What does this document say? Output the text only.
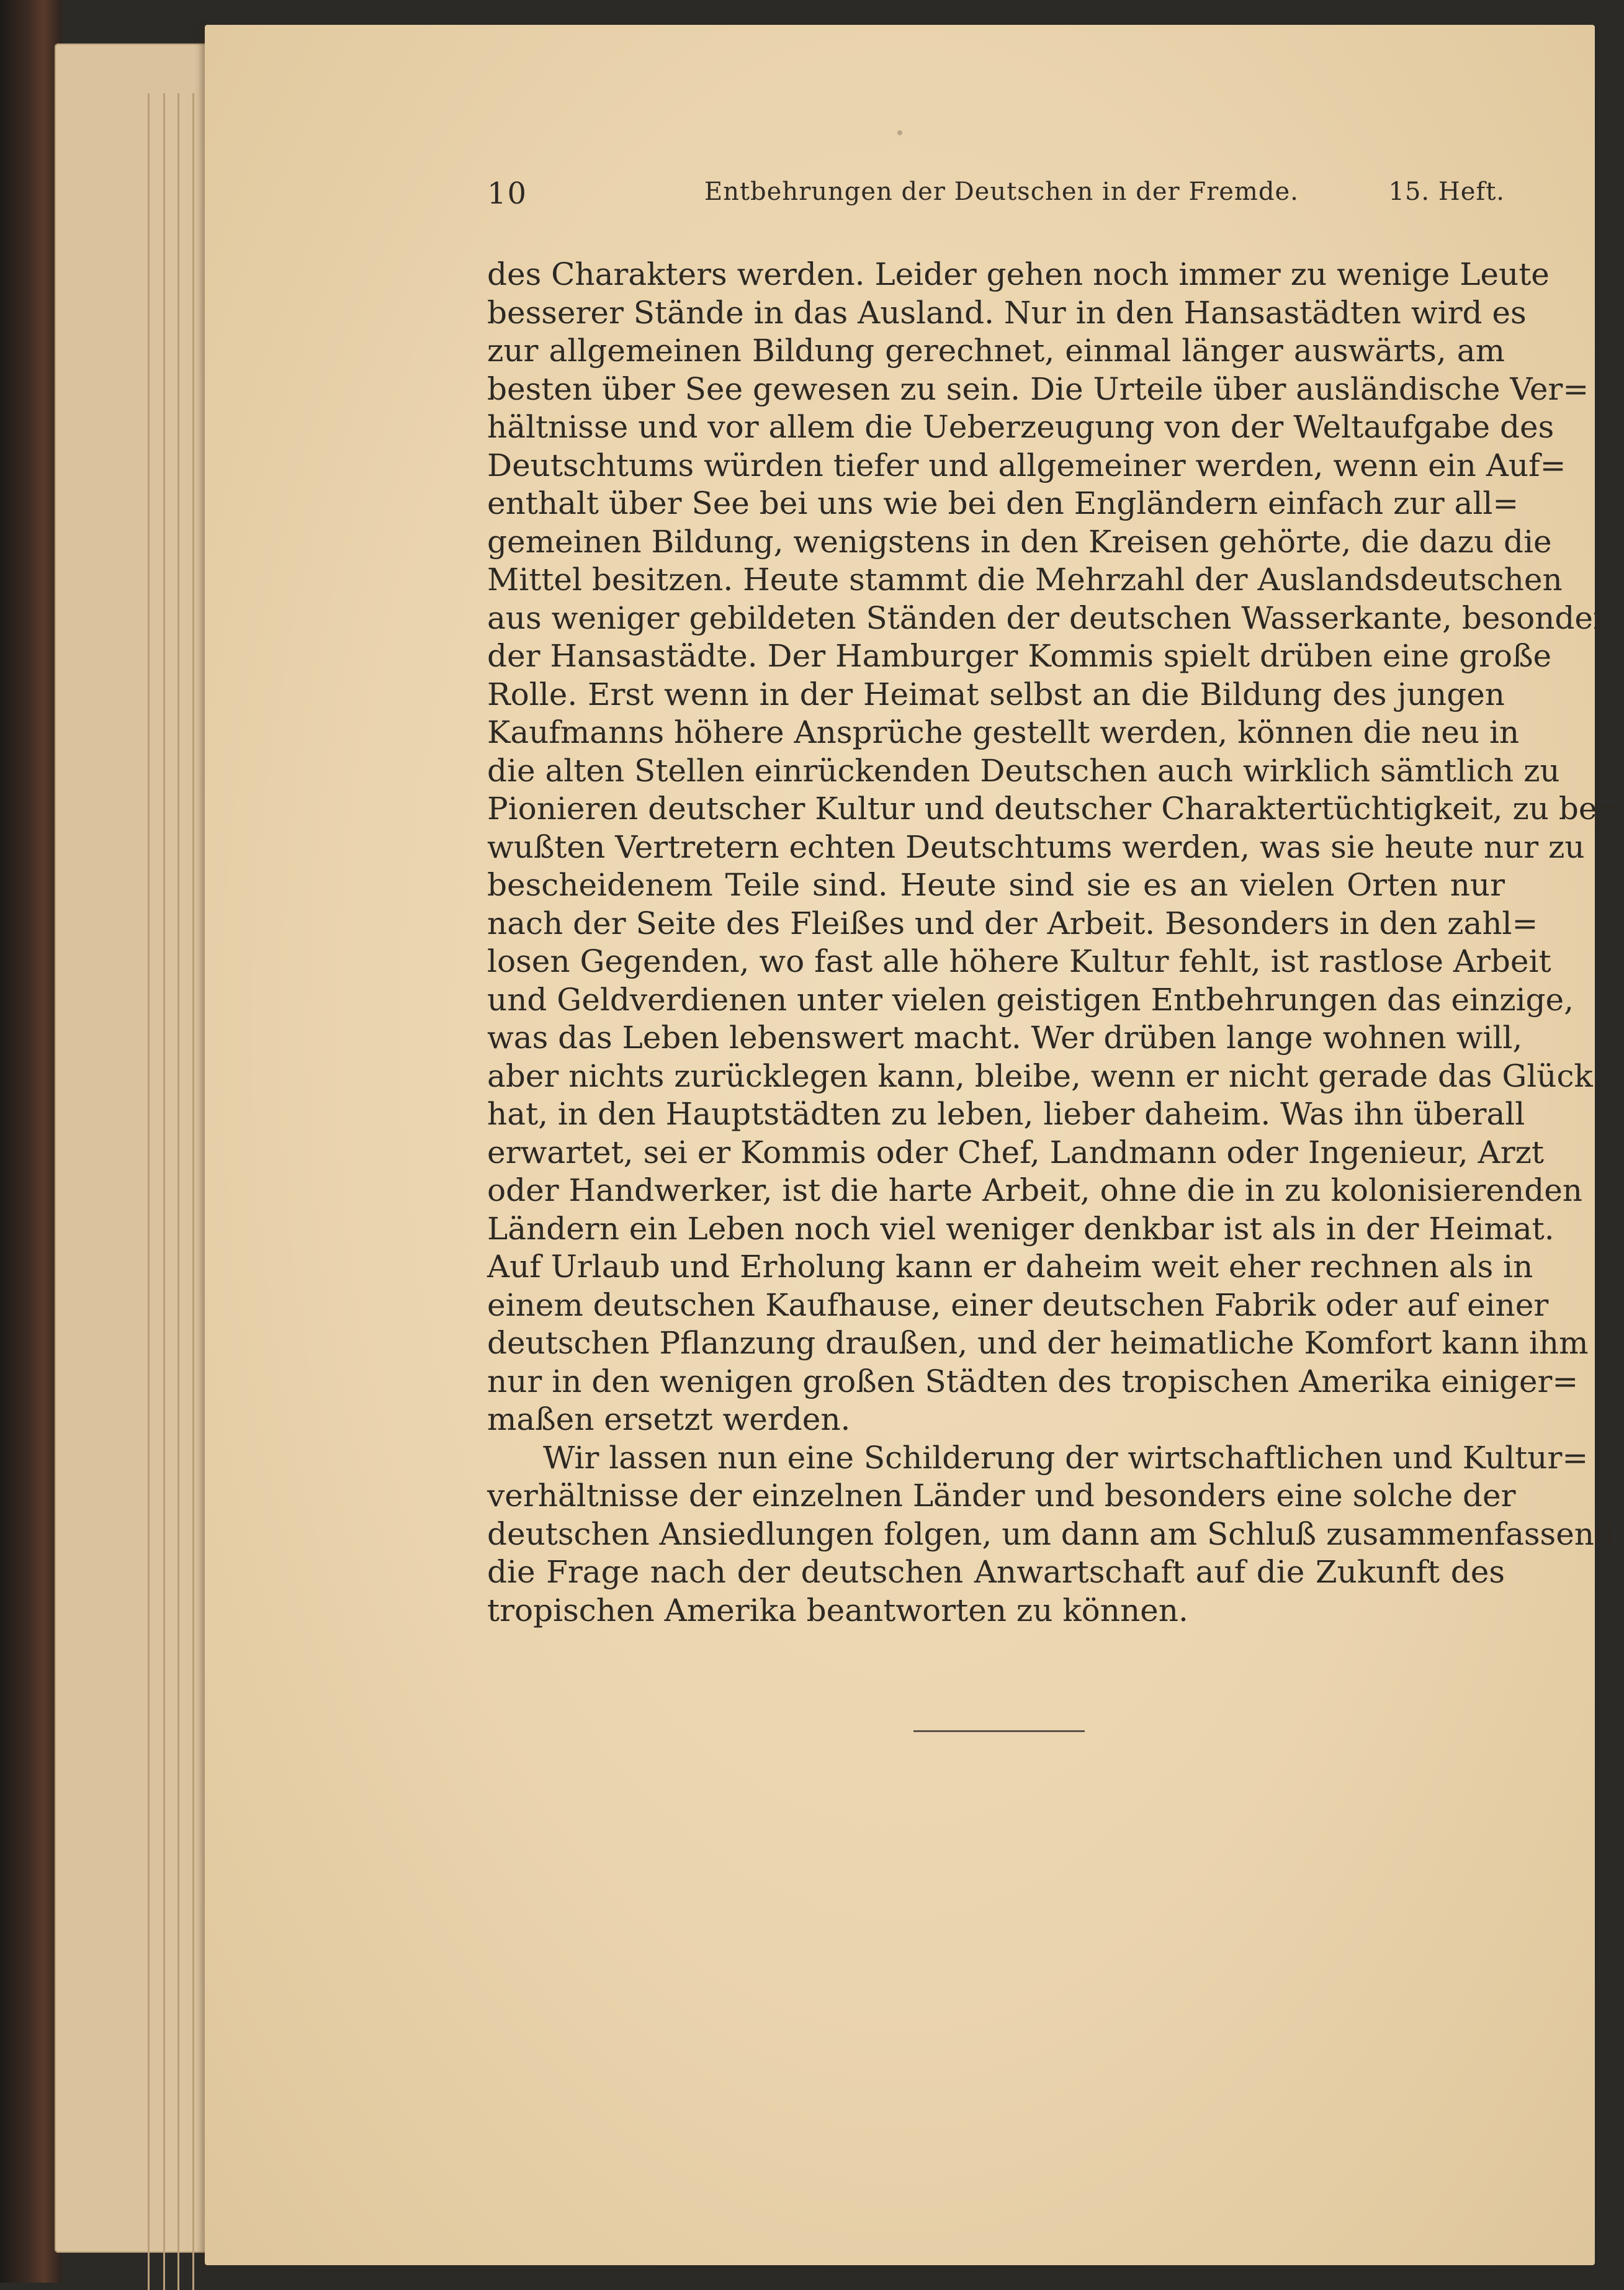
10	Entbehrungen der Deutschen in der Fremde.	15. Heft.
des Charakters werden. Leider gehen noch immer zu wenige Leute
besserer Stände in das Ausland. Nur in den Hansastädten wird es
zur allgemeinen Bildung gerechnet, einmal länger auswärts, am
besten über See gewesen zu sein. Die Urteile über ausländische Ver=
hältnisse und vor allem die Ueberzeugung von der Weltaufgabe des
Deutschtums würden tiefer und allgemeiner werden, wenn ein Auf=
enthalt über See bei uns wie bei den Engländern einfach zur all=
gemeinen Bildung, wenigstens in den Kreisen gehörte, die dazu die
Mittel besitzen. Heute stammt die Mehrzahl der Auslandsdeutschen
aus weniger gebildeten Ständen der deutschen Wasserkante, besonders
der Hansastädte. Der Hamburger Kommis spielt drüben eine große
Rolle. Erst wenn in der Heimat selbst an die Bildung des jungen
Kaufmanns höhere Ansprüche gestellt werden, können die neu in
die alten Stellen einrückenden Deutschen auch wirklich sämtlich zu
Pionieren deutscher Kultur und deutscher Charaktertüchtigkeit, zu be=
wußten Vertretern echten Deutschtums werden, was sie heute nur zu
bescheidenem Teile sind. Heute sind sie es an vielen Orten nur
nach der Seite des Fleißes und der Arbeit. Besonders in den zahl=
losen Gegenden, wo fast alle höhere Kultur fehlt, ist rastlose Arbeit
und Geldverdienen unter vielen geistigen Entbehrungen das einzige,
was das Leben lebenswert macht. Wer drüben lange wohnen will,
aber nichts zurücklegen kann, bleibe, wenn er nicht gerade das Glück
hat, in den Hauptstädten zu leben, lieber daheim. Was ihn überall
erwartet, sei er Kommis oder Chef, Landmann oder Ingenieur, Arzt
oder Handwerker, ist die harte Arbeit, ohne die in zu kolonisierenden
Ländern ein Leben noch viel weniger denkbar ist als in der Heimat.
Auf Urlaub und Erholung kann er daheim weit eher rechnen als in
einem deutschen Kaufhause, einer deutschen Fabrik oder auf einer
deutschen Pflanzung draußen, und der heimatliche Komfort kann ihm
nur in den wenigen großen Städten des tropischen Amerika einiger=
maßen ersetzt werden.
Wir lassen nun eine Schilderung der wirtschaftlichen und Kultur=
verhältnisse der einzelnen Länder und besonders eine solche der
deutschen Ansiedlungen folgen, um dann am Schluß zusammenfassend
die Frage nach der deutschen Anwartschaft auf die Zukunft des
tropischen Amerika beantworten zu können.
